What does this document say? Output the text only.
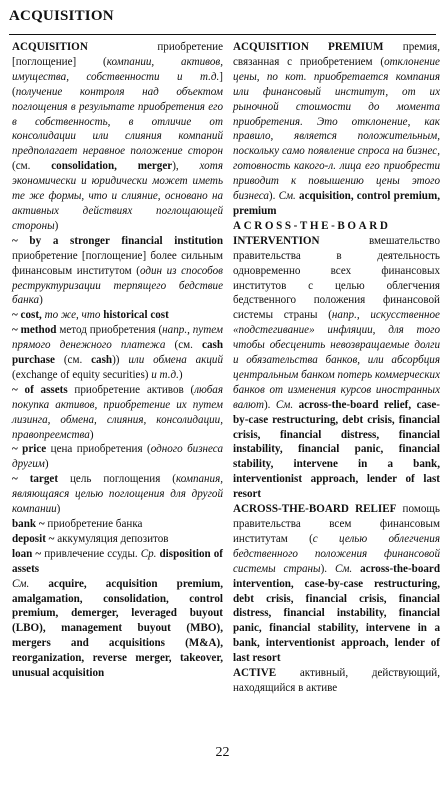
ACQUISITION

ACQUISITION приобретение [поглощение] (компании, активов, имущества, собственности и т.д.] (получение контроля над объектом поглощения в результате приобретения его в собственность, в отличие от консолидации или слияния компаний предполагает неравное положение сторон (см. consolidation, merger), хотя экономически и юридически может иметь те же формы, что и слияние, основано на активных действиях поглощающей стороны)

~ by a stronger financial institution приобретение [поглощение] более сильным финансовым институтом (один из способов реструктуризации терпящего бедствие банка)

~ cost, то же, что historical cost

~ method метод приобретения (напр., путем прямого денежного платежа (см. cash purchase (см. cash)) или обмена акций (exchange of equity securities) и т.д.)

~ of assets приобретение активов (любая покупка активов, приобретение их путем лизинга, обмена, слияния, консолидации, правопреемства)

~ price цена приобретения (одного бизнеса другим)

~ target цель поглощения (компания, являющаяся целью поглощения для другой компании)

bank ~ приобретение банка

deposit ~ аккумуляция депозитов

loan ~ привлечение ссуды. Ср. disposition of assets

См. acquire, acquisition premium, amalgamation, consolidation, control premium, demerger, leveraged buyout (LBO), management buyout (MBO), mergers and acquisitions (M&A), reorganization, reverse merger, takeover, unusual acquisition

ACQUISITION PREMIUM премия, связанная с приобретением (отклонение цены, по кот. приобретается компания или финансовый институт, от их рыночной стоимости до момента приобретения. Это отклонение, как правило, является положительным, поскольку само появление спроса на бизнес, готовность какого-л. лица его приобрести приводит к повышению цены этого бизнеса). См. acquisition, control premium, premium

ACROSS-THE-BOARD INTERVENTION вмешательство правительства в деятельность одновременно всех финансовых институтов с целью облегчения бедственного положения финансовой системы страны (напр., искусственное «подстегивание» инфляции, для того чтобы обесценить невозвращаемые долги и обязательства банков, или абсорбция центральным банком потерь коммерческих банков от изменения курсов иностранных валют). См. across-the-board relief, case-by-case restructuring, debt crisis, financial crisis, financial distress, financial instability, financial panic, financial stability, intervene in a bank, interventionist approach, lender of last resort

ACROSS-THE-BOARD RELIEF помощь правительства всем финансовым институтам (с целью облегчения бедственного положения финансовой системы страны). См. across-the-board intervention, case-by-case restructuring, debt crisis, financial crisis, financial distress, financial instability, financial panic, financial stability, intervene in a bank, interventionist approach, lender of last resort

ACTIVE активный, действующий, находящийся в активе

22
